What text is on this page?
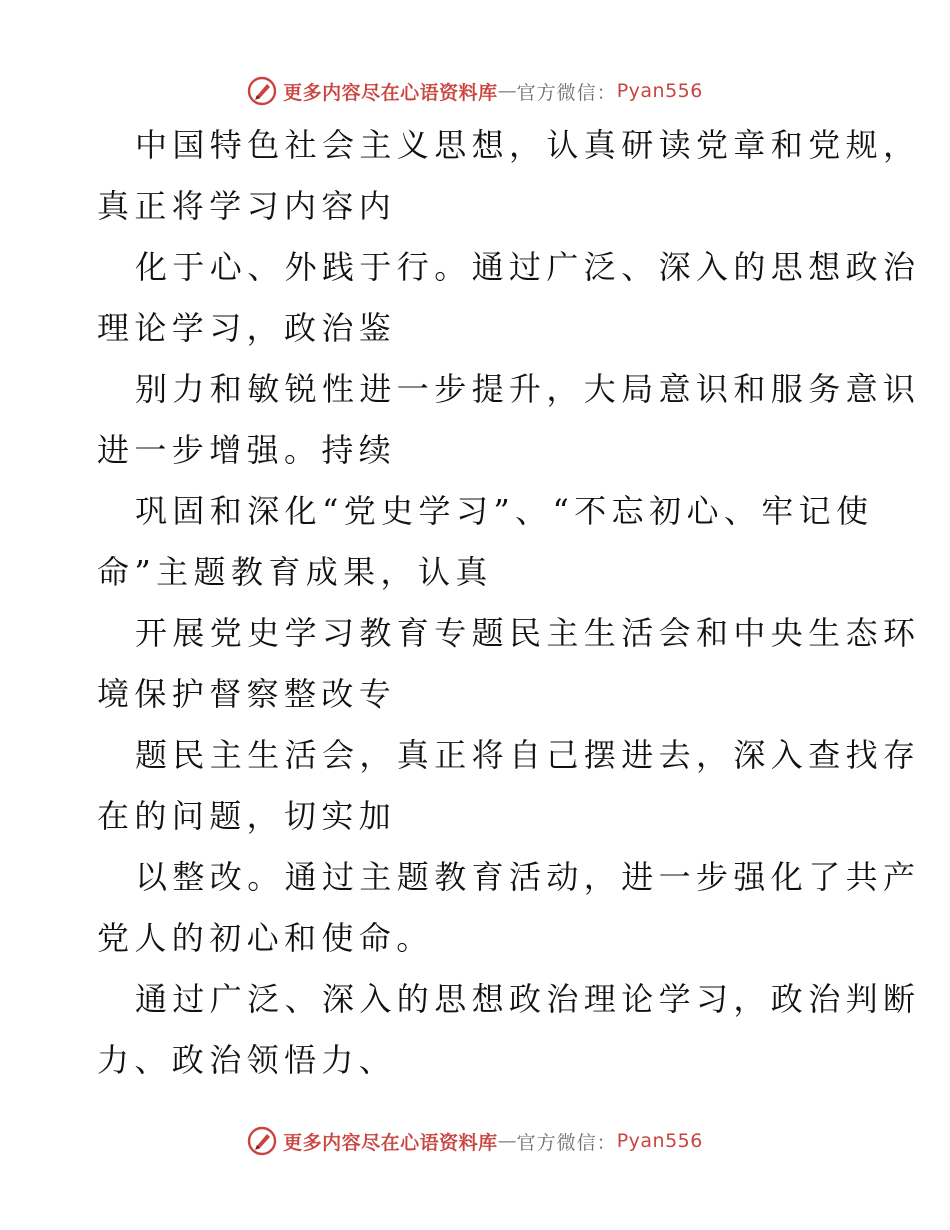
更多内容尽在心语资料库 — 官方微信： Pyan556

中国特色社会主义思想，认真研读党章和党规，
真正将学习内容内

化于心、外践于行。通过广泛、深入的思想政治
理论学习，政治鉴

别力和敏锐性进一步提升，大局意识和服务意识
进一步增强。持续

巩固和深化“党史学习”、“不忘初心、牢记使
命”主题教育成果，认真

开展党史学习教育专题民主生活会和中央生态环
境保护督察整改专

题民主生活会，真正将自己摆进去，深入查找存
在的问题，切实加

以整改。通过主题教育活动，进一步强化了共产
党人的初心和使命。

通过广泛、深入的思想政治理论学习，政治判断
力、政治领悟力、

更多内容尽在心语资料库 — 官方微信： Pyan556
